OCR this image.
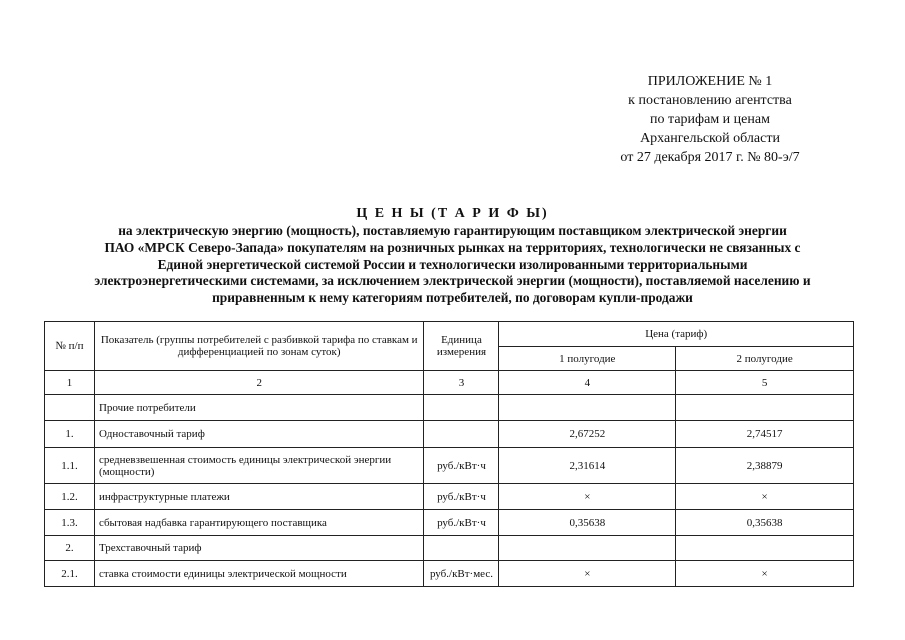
ПРИЛОЖЕНИЕ № 1
к постановлению агентства
по тарифам и ценам
Архангельской области
от 27 декабря 2017 г. № 80-э/7
Ц Е Н Ы (Т А Р И Ф Ы)
на электрическую энергию (мощность), поставляемую гарантирующим поставщиком электрической энергии
ПАО «МРСК Северо-Запада» покупателям на розничных рынках на территориях, технологически не связанных с
Единой энергетической системой России и технологически изолированными территориальными
электроэнергетическими системами, за исключением электрической энергии (мощности), поставляемой населению и
приравненным к нему категориям потребителей, по договорам купли-продажи
№ п/п	Показатель (группы потребителей с разбивкой тарифа по ставкам и дифференциацией по зонам суток)	Единица измерения	Цена (тариф)	
			1 полугодие	2 полугодие
1	2	3	4	5
	Прочие потребители			
1.	Одноставочный тариф		2,67252	2,74517
1.1.	средневзвешенная стоимость единицы электрической энергии (мощности)	руб./кВт·ч	2,31614	2,38879
1.2.	инфраструктурные платежи	руб./кВт·ч	×	×
1.3.	сбытовая надбавка гарантирующего поставщика	руб./кВт·ч	0,35638	0,35638
2.	Трехставочный тариф			
2.1.	ставка стоимости единицы электрической мощности	руб./кВт·мес.	×	×
